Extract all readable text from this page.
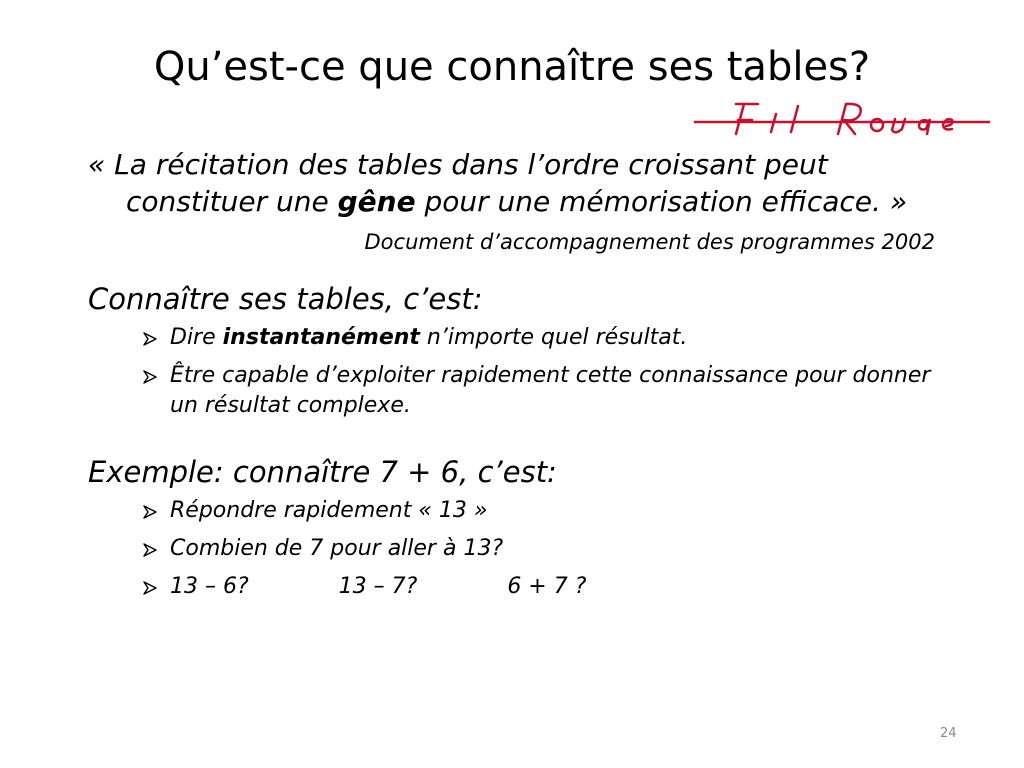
Qu’est-ce que connaître ses tables?

« La récitation des tables dans l’ordre croissant peut constituer une gêne pour une mémorisation efficace. »

Document d’accompagnement des programmes 2002

Connaître ses tables, c’est:

Dire instantanément n’importe quel résultat.
Être capable d’exploiter rapidement cette connaissance pour donner un résultat complexe.

Exemple: connaître 7 + 6, c’est:

Répondre rapidement « 13 »
Combien de 7 pour aller à 13?
13 – 6?	13 – 7?	6 + 7 ?
24
